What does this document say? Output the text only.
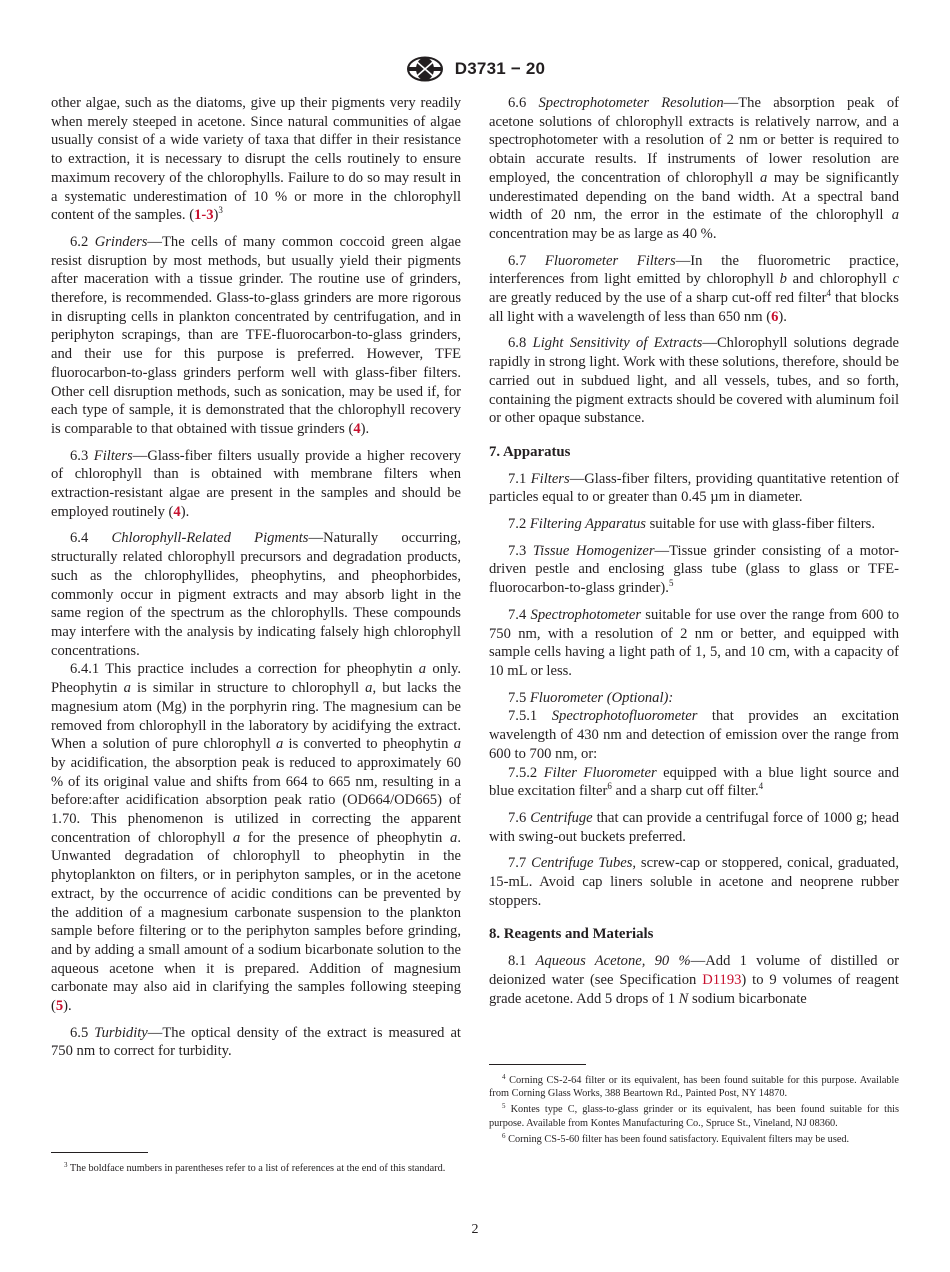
D3731 − 20

other algae, such as the diatoms, give up their pigments very readily when merely steeped in acetone. Since natural communities of algae usually consist of a wide variety of taxa that differ in their resistance to extraction, it is necessary to disrupt the cells routinely to ensure maximum recovery of the chlorophylls. Failure to do so may result in a systematic underestimation of 10 % or more in the chlorophyll content of the samples. $(1-3)^3$

6.2 Grinders—The cells of many common coccoid green algae resist disruption by most methods, but usually yield their pigments after maceration with a tissue grinder. The routine use of grinders, therefore, is recommended. Glass-to-glass grinders are more rigorous in disrupting cells in plankton concentrated by centrifugation, and in periphyton scrapings, than are TFE-fluorocarbon-to-glass grinders, and their use for this purpose is preferred. However, TFE fluorocarbon-to-glass grinders perform well with glass-fiber filters. Other cell disruption methods, such as sonication, may be used if, for each type of sample, it is demonstrated that the chlorophyll recovery is comparable to that obtained with tissue grinders (4).

6.3 Filters—Glass-fiber filters usually provide a higher recovery of chlorophyll than is obtained with membrane filters when extraction-resistant algae are present in the samples and should be employed routinely (4).

6.4 Chlorophyll-Related Pigments—Naturally occurring, structurally related chlorophyll precursors and degradation products, such as the chlorophyllides, pheophytins, and pheophorbides, commonly occur in pigment extracts and may absorb light in the same region of the spectrum as the chlorophylls. These compounds may interfere with the analysis by indicating falsely high chlorophyll concentrations.

6.4.1 This practice includes a correction for pheophytin a only. Pheophytin a is similar in structure to chlorophyll a, but lacks the magnesium atom (Mg) in the porphyrin ring. The magnesium can be removed from chlorophyll in the laboratory by acidifying the extract. When a solution of pure chlorophyll a is converted to pheophytin a by acidification, the absorption peak is reduced to approximately 60 % of its original value and shifts from 664 to 665 nm, resulting in a before:after acidification absorption peak ratio (OD664/OD665) of 1.70. This phenomenon is utilized in correcting the apparent concentration of chlorophyll a for the presence of pheophytin a. Unwanted degradation of chlorophyll to pheophytin in the phytoplankton on filters, or in periphyton samples, or in the acetone extract, by the occurrence of acidic conditions can be prevented by the addition of a magnesium carbonate suspension to the plankton sample before filtering or to the periphyton samples before grinding, and by adding a small amount of a sodium bicarbonate solution to the aqueous acetone when it is prepared. Addition of magnesium carbonate may also aid in clarifying the samples following steeping (5).

6.5 Turbidity—The optical density of the extract is measured at 750 nm to correct for turbidity.

6.6 Spectrophotometer Resolution—The absorption peak of acetone solutions of chlorophyll extracts is relatively narrow, and a spectrophotometer with a resolution of 2 nm or better is required to obtain accurate results. If instruments of lower resolution are employed, the concentration of chlorophyll a may be significantly underestimated depending on the band width. At a spectral band width of 20 nm, the error in the estimate of the chlorophyll a concentration may be as large as 40 %.

6.7 Fluorometer Filters—In the fluorometric practice, interferences from light emitted by chlorophyll b and chlorophyll c are greatly reduced by the use of a sharp cut-off red filter$^4$ that blocks all light with a wavelength of less than 650 nm (6).

6.8 Light Sensitivity of Extracts—Chlorophyll solutions degrade rapidly in strong light. Work with these solutions, therefore, should be carried out in subdued light, and all vessels, tubes, and so forth, containing the pigment extracts should be covered with aluminum foil or other opaque substance.

7. Apparatus

7.1 Filters—Glass-fiber filters, providing quantitative retention of particles equal to or greater than 0.45 µm in diameter.

7.2 Filtering Apparatus suitable for use with glass-fiber filters.

7.3 Tissue Homogenizer—Tissue grinder consisting of a motor-driven pestle and enclosing glass tube (glass to glass or TFE-fluorocarbon-to-glass grinder).$^5$

7.4 Spectrophotometer suitable for use over the range from 600 to 750 nm, with a resolution of 2 nm or better, and equipped with sample cells having a light path of 1, 5, and 10 cm, with a capacity of 10 mL or less.

7.5 Fluorometer (Optional):

7.5.1 Spectrophotofluorometer that provides an excitation wavelength of 430 nm and detection of emission over the range from 600 to 700 nm, or:

7.5.2 Filter Fluorometer equipped with a blue light source and blue excitation filter$^6$ and a sharp cut off filter.$^4$

7.6 Centrifuge that can provide a centrifugal force of 1000 g; head with swing-out buckets preferred.

7.7 Centrifuge Tubes, screw-cap or stoppered, conical, graduated, 15-mL. Avoid cap liners soluble in acetone and neoprene rubber stoppers.

8. Reagents and Materials

8.1 Aqueous Acetone, 90 %—Add 1 volume of distilled or deionized water (see Specification D1193) to 9 volumes of reagent grade acetone. Add 5 drops of 1 N sodium bicarbonate

$^4$ Corning CS-2-64 filter or its equivalent, has been found suitable for this purpose. Available from Corning Glass Works, 388 Beartown Rd., Painted Post, NY 14870.

$^5$ Kontes type C, glass-to-glass grinder or its equivalent, has been found suitable for this purpose. Available from Kontes Manufacturing Co., Spruce St., Vineland, NJ 08360.

$^6$ Corning CS-5-60 filter has been found satisfactory. Equivalent filters may be used.

$^3$ The boldface numbers in parentheses refer to a list of references at the end of this standard.

2
